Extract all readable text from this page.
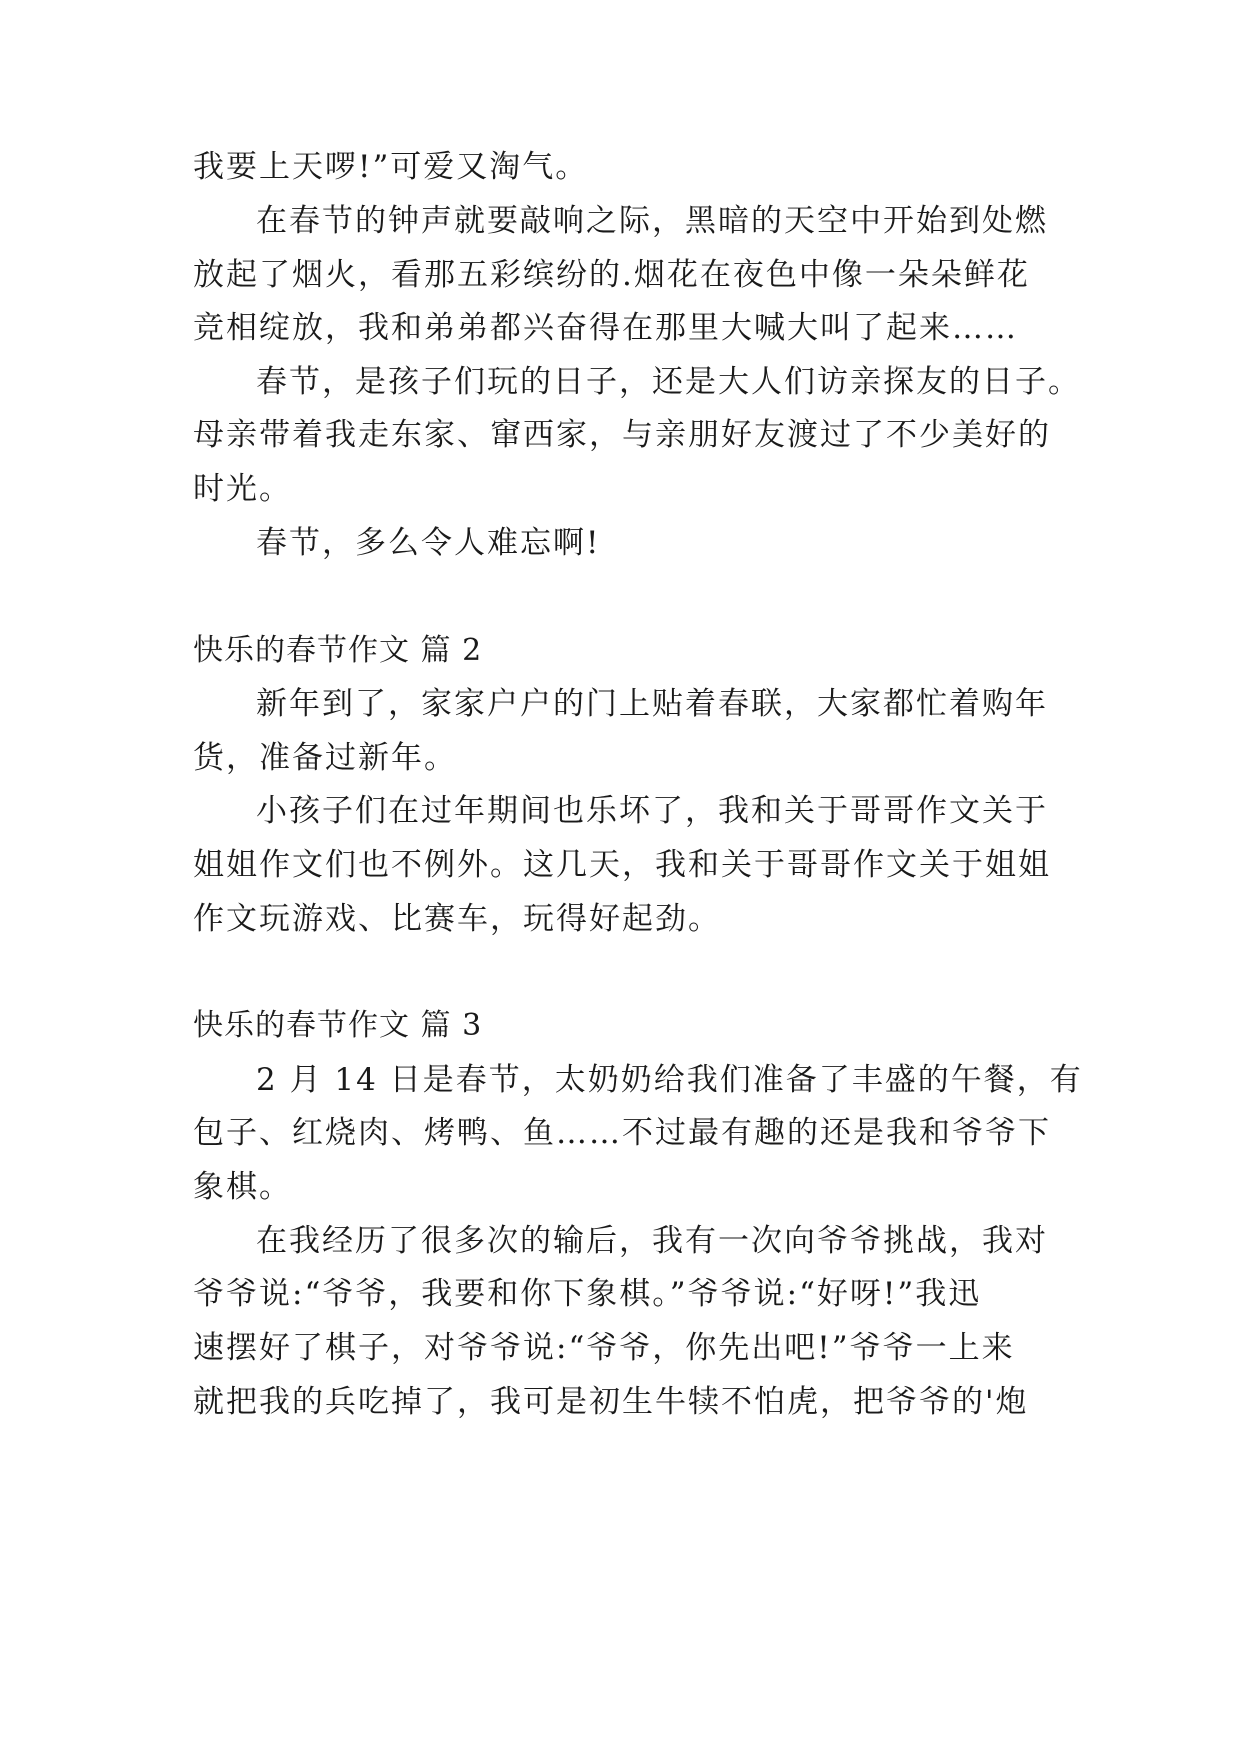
我要上天啰!”可爱又淘气。
在春节的钟声就要敲响之际，黑暗的天空中开始到处燃
放起了烟火，看那五彩缤纷的.烟花在夜色中像一朵朵鲜花
竞相绽放，我和弟弟都兴奋得在那里大喊大叫了起来……
春节，是孩子们玩的日子，还是大人们访亲探友的日子。
母亲带着我走东家、窜西家，与亲朋好友渡过了不少美好的
时光。
春节，多么令人难忘啊!
快乐的春节作文 篇 2
新年到了，家家户户的门上贴着春联，大家都忙着购年
货，准备过新年。
小孩子们在过年期间也乐坏了，我和关于哥哥作文关于
姐姐作文们也不例外。这几天，我和关于哥哥作文关于姐姐
作文玩游戏、比赛车，玩得好起劲。
快乐的春节作文 篇 3
2 月 14 日是春节，太奶奶给我们准备了丰盛的午餐，有
包子、红烧肉、烤鸭、鱼……不过最有趣的还是我和爷爷下
象棋。
在我经历了很多次的输后，我有一次向爷爷挑战，我对
爷爷说:“爷爷，我要和你下象棋。”爷爷说:“好呀!”我迅
速摆好了棋子，对爷爷说:“爷爷，你先出吧!”爷爷一上来
就把我的兵吃掉了，我可是初生牛犊不怕虎，把爷爷的'炮
